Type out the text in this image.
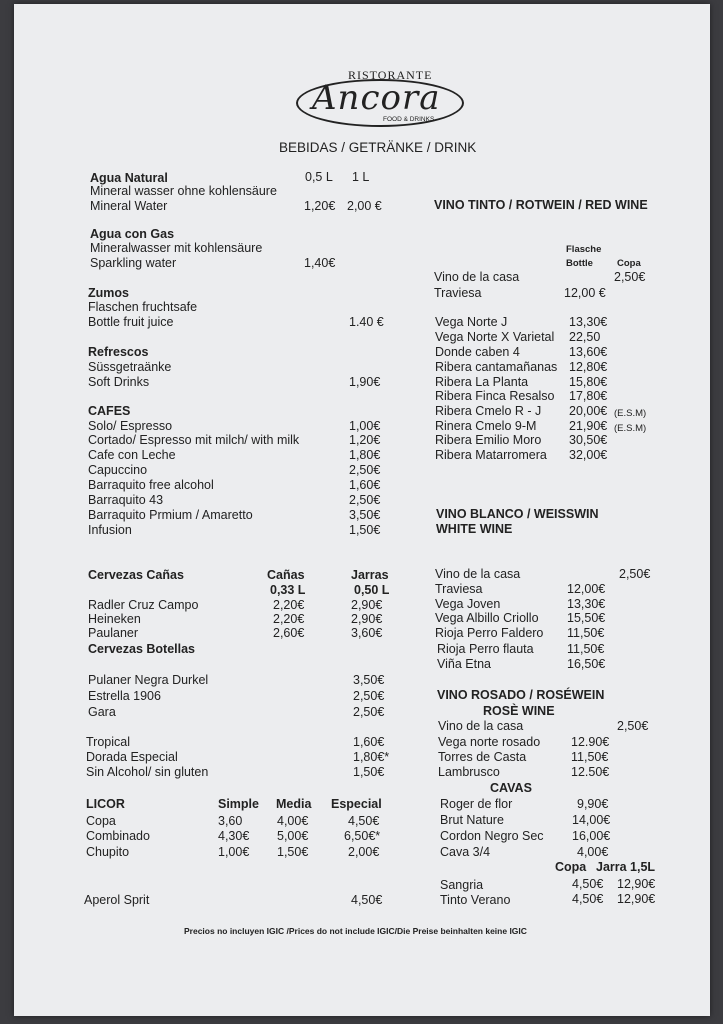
RISTORANTE
Ancora
FOOD & DRINKS
BEBIDAS / GETRÄNKE / DRINK
Agua Natural	0,5 L 1 L
Mineral wasser ohne kohlensäure
Mineral Water	1,20€ 2,00 €
Agua con Gas
Mineralwasser mit kohlensäure
Sparkling water	1,40€
Zumos
Flaschen fruchtsafe
Bottle fruit juice	1.40 €
Refrescos
Süssgetraänke
Soft Drinks	1,90€
CAFES
Solo/ Espresso	1,00€
Cortado/ Espresso mit milch/ with milk	1,20€
Cafe con Leche	1,80€
Capuccino	2,50€
Barraquito free alcohol	1,60€
Barraquito 43	2,50€
Barraquito Prmium / Amaretto	3,50€
Infusion	1,50€
Cervezas Cañas	Cañas	Jarras
0,33 L	0,50 L
Radler Cruz Campo	2,20€	2,90€
Heineken	2,20€	2,90€
Paulaner	2,60€	3,60€
Cervezas Botellas
Pulaner Negra Durkel	3,50€
Estrella 1906	2,50€
Gara	2,50€
Tropical	1,60€
Dorada Especial	1,80€*
Sin Alcohol/ sin gluten	1,50€
LICOR	Simple Media Especial
Copa	3,60	4,00€	4,50€
Combinado	4,30€ 5,00€	6,50€*
Chupito	1,00€ 1,50€	2,00€
Aperol Sprit	4,50€
VINO TINTO / ROTWEIN / RED WINE
Flasche
Bottle	Copa
Vino de la casa	2,50€
Traviesa	12,00 €
Vega Norte J	13,30€
Vega Norte X Varietal 22,50
Donde caben 4	13,60€
Ribera cantamañanas 12,80€
Ribera La Planta	15,80€
Ribera Finca Resalso 17,80€
Ribera Cmelo R - J 20,00€ (E.S.M)
Rinera Cmelo 9-M	21,90€ (E.S.M)
Ribera Emilio Moro 30,50€
Ribera Matarromera 32,00€
VINO BLANCO / WEISSWIN
WHITE WINE
Vino de la casa	2,50€
Traviesa	12,00€
Vega Joven	13,30€
Vega Albillo Criollo 15,50€
Rioja Perro Faldero 11,50€
Rioja Perro flauta	11,50€
Viña Etna	16,50€
VINO ROSADO / ROSÉWEIN
ROSÈ WINE
Vino de la casa	2,50€
Vega norte rosado 12.90€
Torres de Casta	11,50€
Lambrusco	12.50€
CAVAS
Roger de flor	9,90€
Brut Nature	14,00€
Cordon Negro Sec 16,00€
Cava 3/4	4,00€
Copa Jarra 1,5L
Sangria	4,50€ 12,90€
Tinto Verano	4,50€ 12,90€
Precios no incluyen IGIC /Prices do not include IGIC/Die Preise beinhalten keine IGIC
